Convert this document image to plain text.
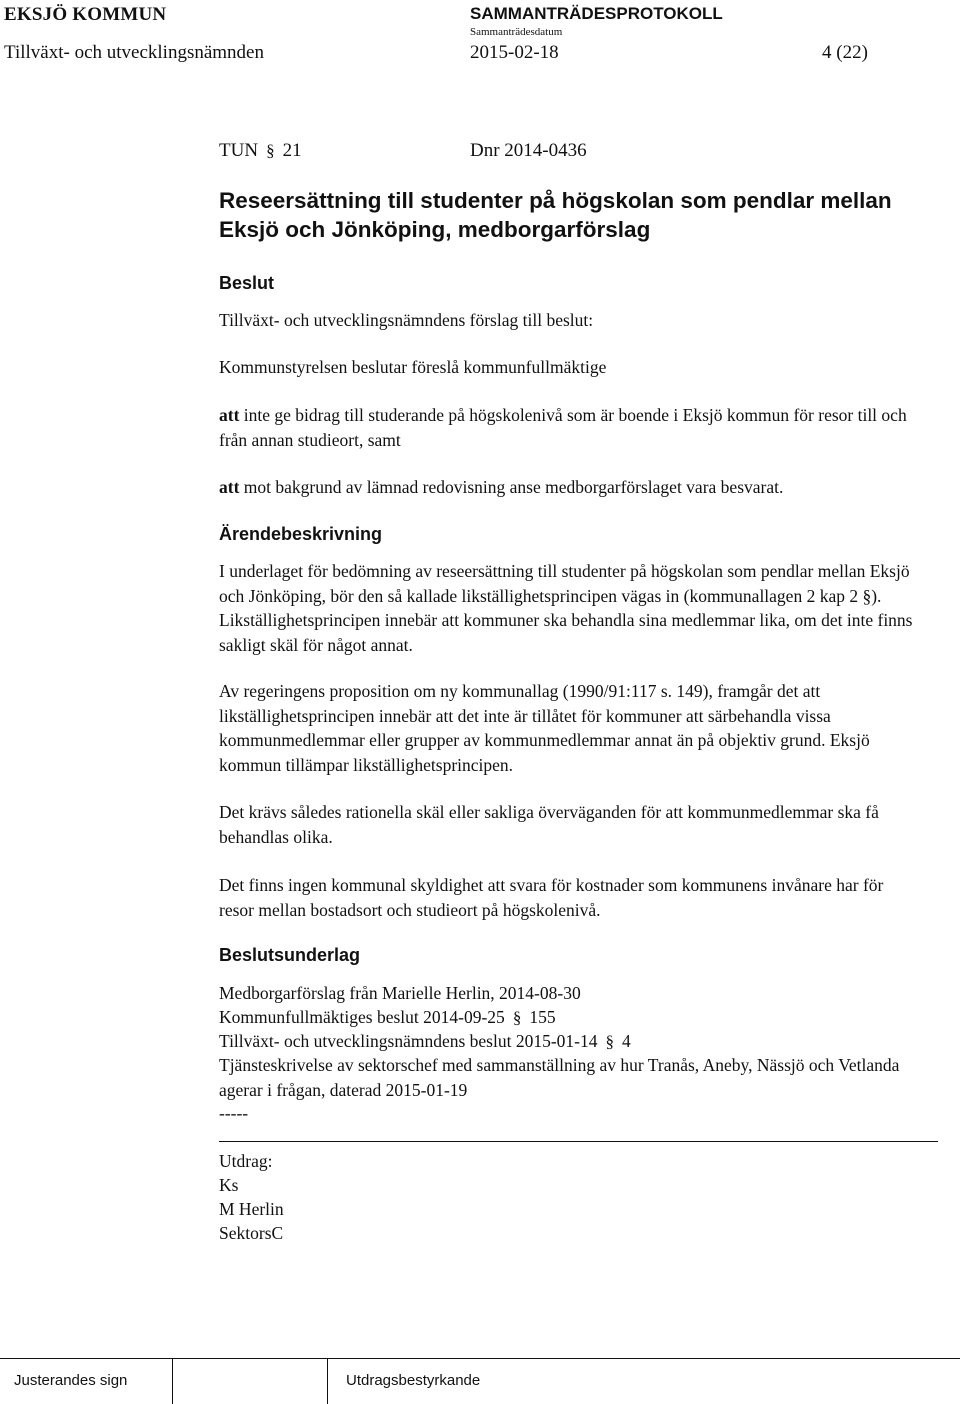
EKSJÖ KOMMUN
Tillväxt- och utvecklingsnämnden
SAMMANTRÄDESPROTOKOLL
Sammanträdesdatum
2015-02-18	4 (22)
TUN § 21	Dnr 2014-0436
Reseersättning till studenter på högskolan som pendlar mellan Eksjö och Jönköping, medborgarförslag
Beslut
Tillväxt- och utvecklingsnämndens förslag till beslut:
Kommunstyrelsen beslutar föreslå kommunfullmäktige
att inte ge bidrag till studerande på högskolenivå som är boende i Eksjö kommun för resor till och från annan studieort, samt
att mot bakgrund av lämnad redovisning anse medborgarförslaget vara besvarat.
Ärendebeskrivning
I underlaget för bedömning av reseersättning till studenter på högskolan som pendlar mellan Eksjö och Jönköping, bör den så kallade likställighetsprincipen vägas in (kommunallagen 2 kap 2 §). Likställighetsprincipen innebär att kommuner ska behandla sina medlemmar lika, om det inte finns sakligt skäl för något annat.
Av regeringens proposition om ny kommunallag (1990/91:117 s. 149), framgår det att likställighetsprincipen innebär att det inte är tillåtet för kommuner att särbehandla vissa kommunmedlemmar eller grupper av kommunmedlemmar annat än på objektiv grund. Eksjö kommun tillämpar likställighetsprincipen.
Det krävs således rationella skäl eller sakliga överväganden för att kommunmedlemmar ska få behandlas olika.
Det finns ingen kommunal skyldighet att svara för kostnader som kommunens invånare har för resor mellan bostadsort och studieort på högskolenivå.
Beslutsunderlag
Medborgarförslag från Marielle Herlin, 2014-08-30
Kommunfullmäktiges beslut 2014-09-25 § 155
Tillväxt- och utvecklingsnämndens beslut 2015-01-14 § 4
Tjänsteskrivelse av sektorschef med sammanställning av hur Tranås, Aneby, Nässjö och Vetlanda agerar i frågan, daterad 2015-01-19
-----
Utdrag:
Ks
M Herlin
SektorsC
Justerandes sign	Utdragsbestyrkande
